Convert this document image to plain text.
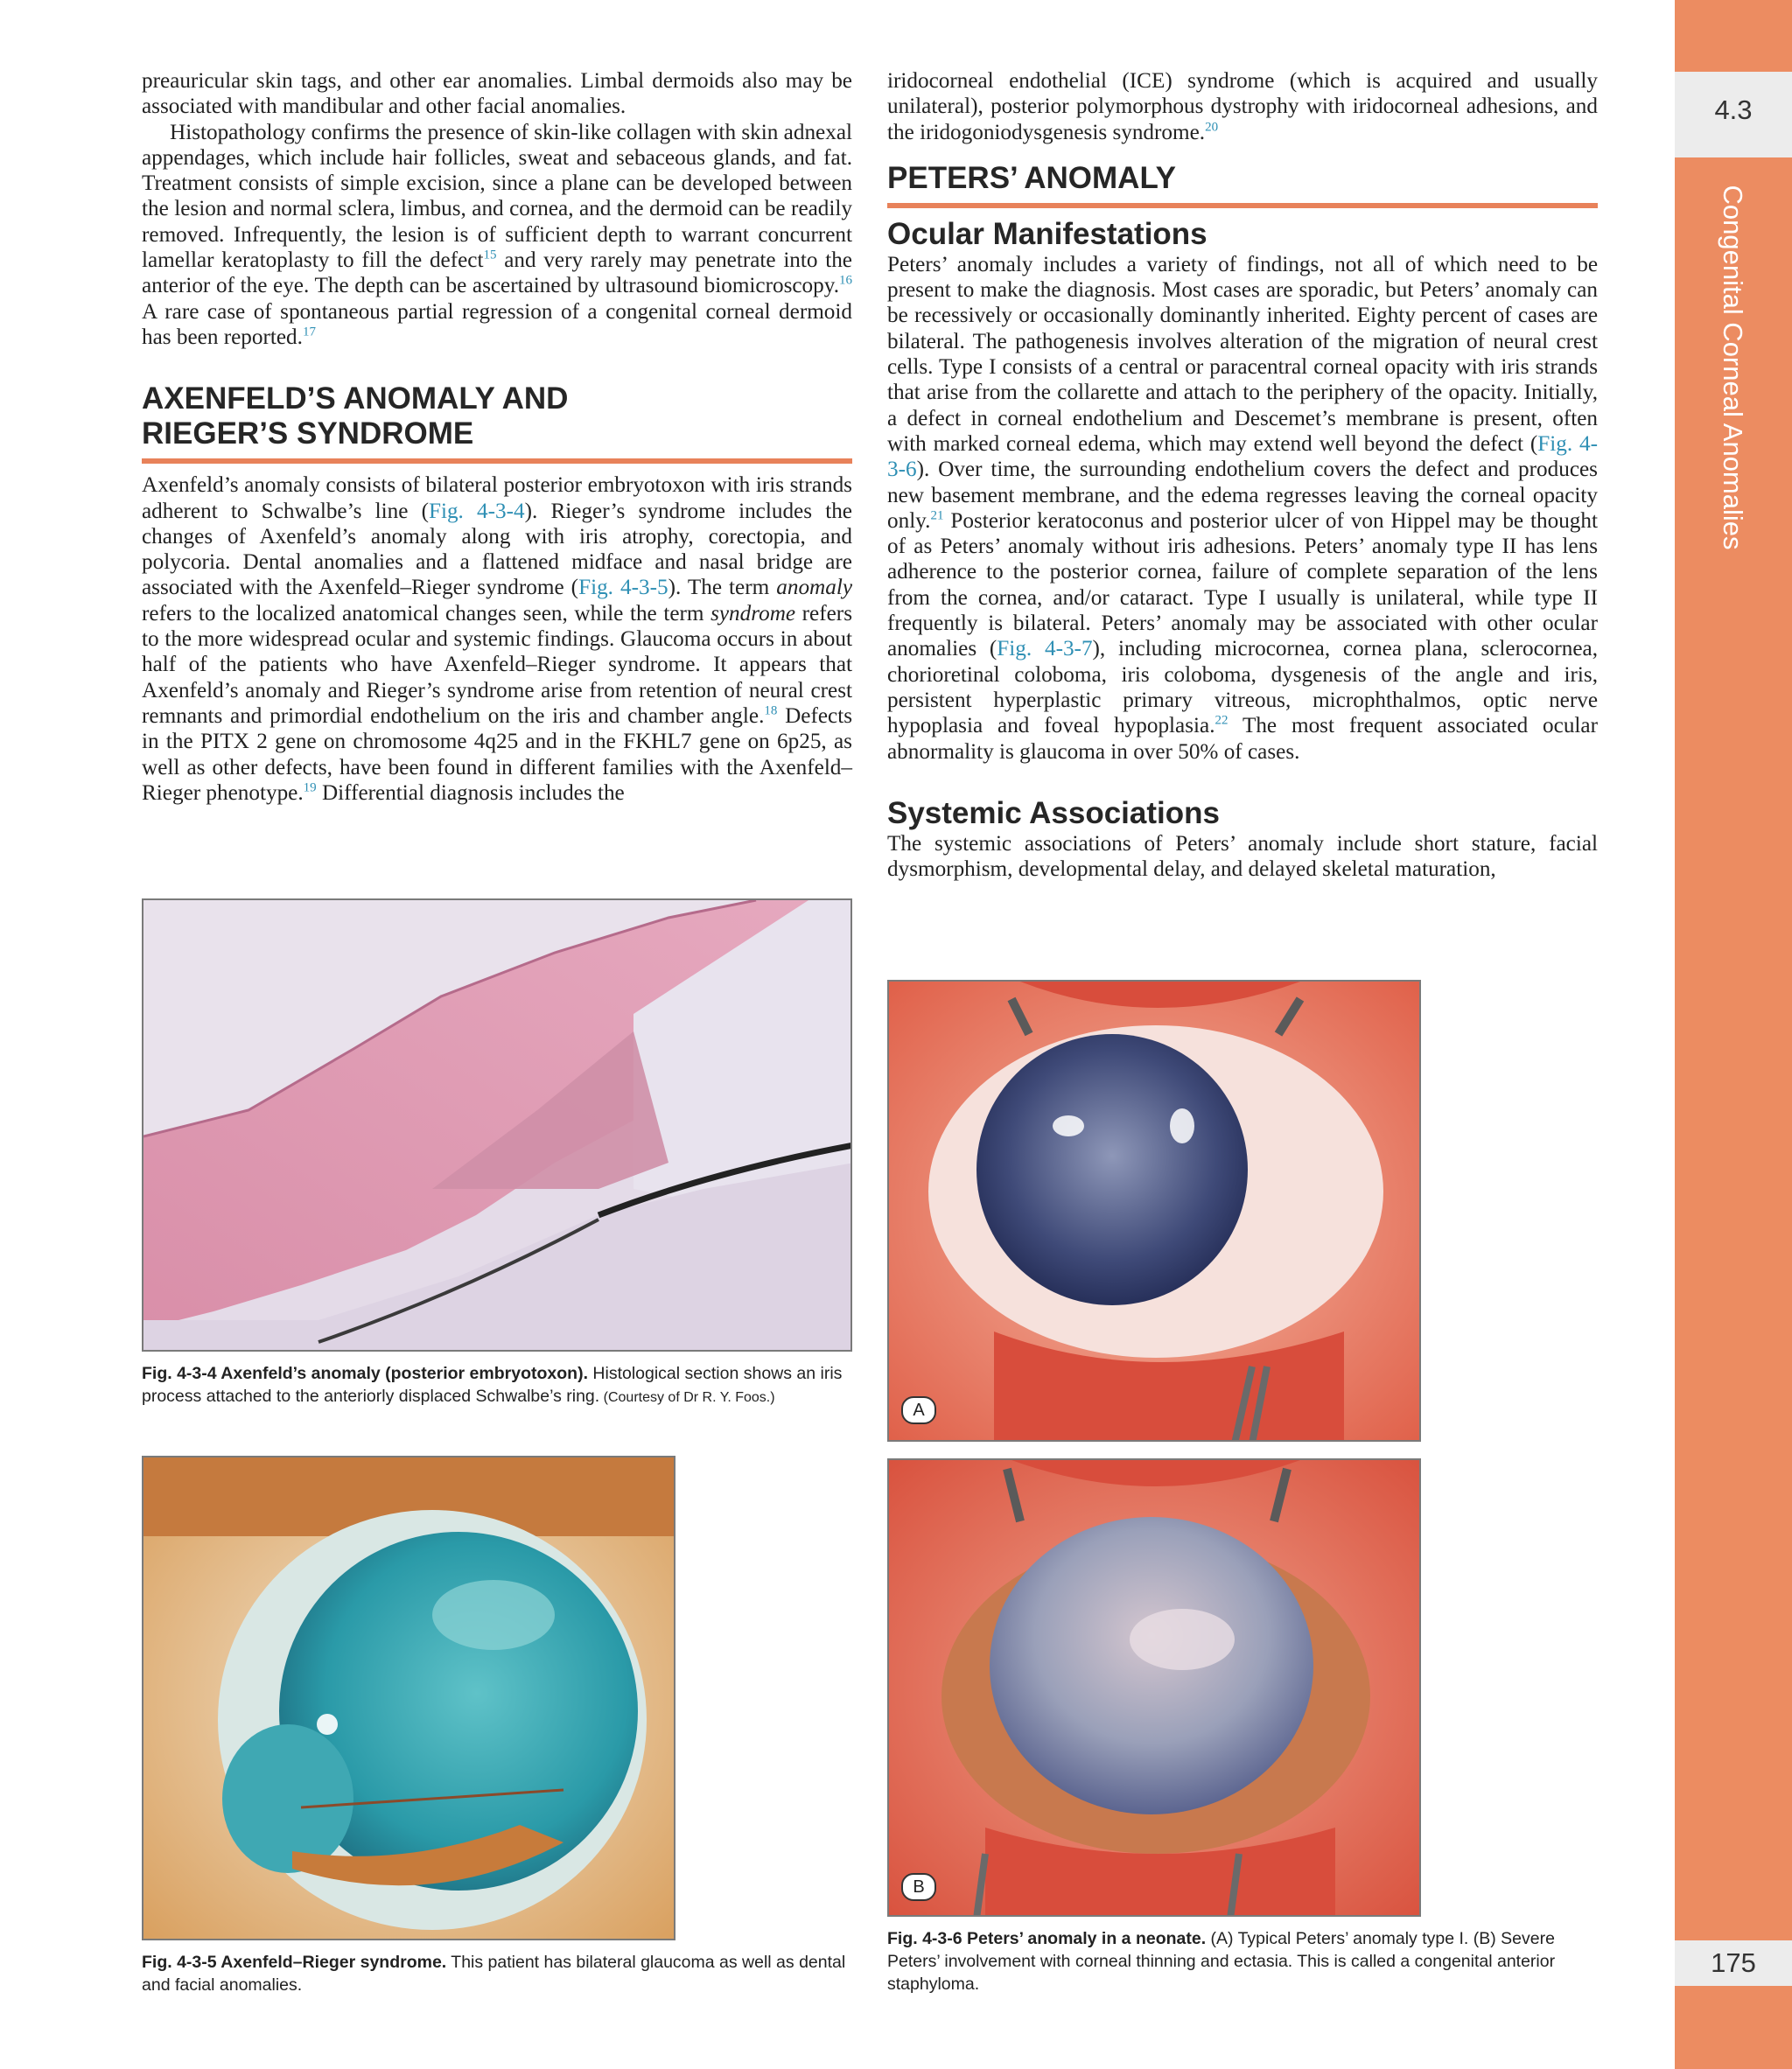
4.3
Congenital Corneal Anomalies
175

preauricular skin tags, and other ear anomalies. Limbal dermoids also may be associated with mandibular and other facial anomalies.

Histopathology confirms the presence of skin-like collagen with skin adnexal appendages, which include hair follicles, sweat and sebaceous glands, and fat. Treatment consists of simple excision, since a plane can be developed between the lesion and normal sclera, limbus, and cornea, and the dermoid can be readily removed. Infrequently, the lesion is of sufficient depth to warrant concurrent lamellar keratoplasty to fill the defect$^{15}$ and very rarely may penetrate into the anterior of the eye. The depth can be ascertained by ultrasound biomicroscopy.$^{16}$ A rare case of spontaneous partial regression of a congenital corneal dermoid has been reported.$^{17}$

AXENFELD’S ANOMALY AND
RIEGER’S SYNDROME

Axenfeld’s anomaly consists of bilateral posterior embryotoxon with iris strands adherent to Schwalbe’s line (Fig. 4-3-4). Rieger’s syndrome includes the changes of Axenfeld’s anomaly along with iris atrophy, corectopia, and polycoria. Dental anomalies and a flattened midface and nasal bridge are associated with the Axenfeld–Rieger syndrome (Fig. 4-3-5). The term anomaly refers to the localized anatomical changes seen, while the term syndrome refers to the more widespread ocular and systemic findings. Glaucoma occurs in about half of the patients who have Axenfeld–Rieger syndrome. It appears that Axenfeld’s anomaly and Rieger’s syndrome arise from retention of neural crest remnants and primordial endothelium on the iris and chamber angle.$^{18}$ Defects in the PITX 2 gene on chromosome 4q25 and in the FKHL7 gene on 6p25, as well as other defects, have been found in different families with the Axenfeld–Rieger phenotype.$^{19}$ Differential diagnosis includes the

iridocorneal endothelial (ICE) syndrome (which is acquired and usually unilateral), posterior polymorphous dystrophy with iridocorneal adhesions, and the iridogoniodysgenesis syndrome.$^{20}$

PETERS’ ANOMALY
Ocular Manifestations

Peters’ anomaly includes a variety of findings, not all of which need to be present to make the diagnosis. Most cases are sporadic, but Peters’ anomaly can be recessively or occasionally dominantly inherited. Eighty percent of cases are bilateral. The pathogenesis involves alteration of the migration of neural crest cells. Type I consists of a central or paracentral corneal opacity with iris strands that arise from the collarette and attach to the periphery of the opacity. Initially, a defect in corneal endothelium and Descemet’s membrane is present, often with marked corneal edema, which may extend well beyond the defect (Fig. 4-3-6). Over time, the surrounding endothelium covers the defect and produces new basement membrane, and the edema regresses leaving the corneal opacity only.$^{21}$ Posterior keratoconus and posterior ulcer of von Hippel may be thought of as Peters’ anomaly without iris adhesions. Peters’ anomaly type II has lens adherence to the posterior cornea, failure of complete separation of the lens from the cornea, and/or cataract. Type I usually is unilateral, while type II frequently is bilateral. Peters’ anomaly may be associated with other ocular anomalies (Fig. 4-3-7), including microcornea, cornea plana, sclerocornea, chorioretinal coloboma, iris coloboma, dysgenesis of the angle and iris, persistent hyperplastic primary vitreous, microphthalmos, optic nerve hypoplasia and foveal hypoplasia.$^{22}$ The most frequent associated ocular abnormality is glaucoma in over 50% of cases.

Systemic Associations

The systemic associations of Peters’ anomaly include short stature, facial dysmorphism, developmental delay, and delayed skeletal maturation,

Fig. 4-3-4 Axenfeld’s anomaly (posterior embryotoxon). Histological section shows an iris process attached to the anteriorly displaced Schwalbe’s ring. (Courtesy of Dr R. Y. Foos.)
Fig. 4-3-5 Axenfeld–Rieger syndrome. This patient has bilateral glaucoma as well as dental and facial anomalies.
A
B
Fig. 4-3-6 Peters’ anomaly in a neonate. (A) Typical Peters’ anomaly type I. (B) Severe Peters’ involvement with corneal thinning and ectasia. This is called a congenital anterior staphyloma.
